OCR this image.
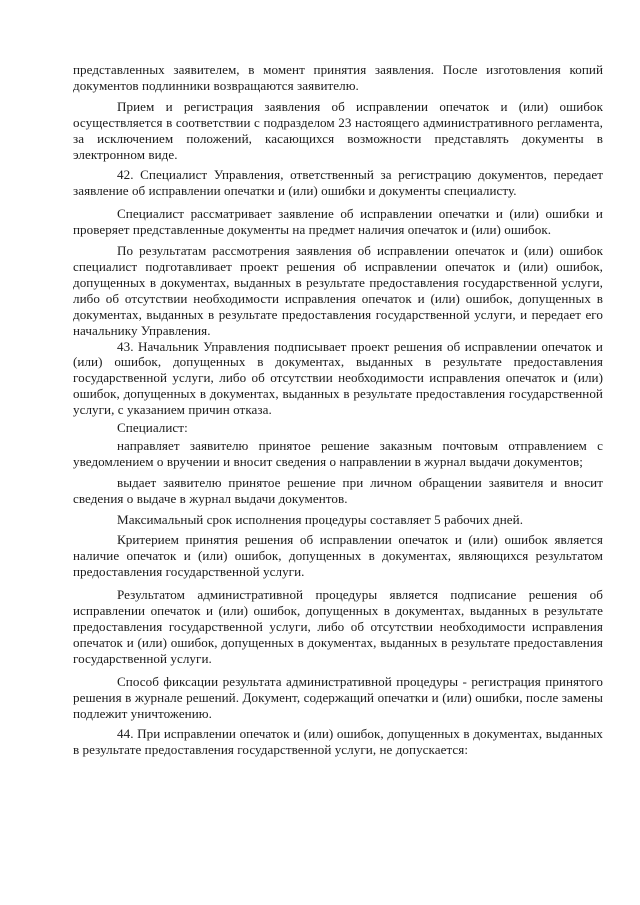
представленных заявителем, в момент принятия заявления. После изготовления копий документов подлинники возвращаются заявителю.

Прием и регистрация заявления об исправлении опечаток и (или) ошибок осуществляется в соответствии с подразделом 23 настоящего административного регламента, за исключением положений, касающихся возможности представлять документы в электронном виде.

42. Специалист Управления, ответственный за регистрацию документов, передает заявление об исправлении опечатки и (или) ошибки и документы специалисту.

Специалист рассматривает заявление об исправлении опечатки и (или) ошибки и проверяет представленные документы на предмет наличия опечаток и (или) ошибок.

По результатам рассмотрения заявления об исправлении опечаток и (или) ошибок специалист подготавливает проект решения об исправлении опечаток и (или) ошибок, допущенных в документах, выданных в результате предоставления государственной услуги, либо об отсутствии необходимости исправления опечаток и (или) ошибок, допущенных в документах, выданных в результате предоставления государственной услуги, и передает его начальнику Управления.

43. Начальник Управления подписывает проект решения об исправлении опечаток и (или) ошибок, допущенных в документах, выданных в результате предоставления государственной услуги, либо об отсутствии необходимости исправления опечаток и (или) ошибок, допущенных в документах, выданных в результате предоставления государственной услуги, с указанием причин отказа.

Специалист:

направляет заявителю принятое решение заказным почтовым отправлением с уведомлением о вручении и вносит сведения о направлении в журнал выдачи документов;

выдает заявителю принятое решение при личном обращении заявителя и вносит сведения о выдаче в журнал выдачи документов.

Максимальный срок исполнения процедуры составляет 5 рабочих дней.

Критерием принятия решения об исправлении опечаток и (или) ошибок является наличие опечаток и (или) ошибок, допущенных в документах, являющихся результатом предоставления государственной услуги.

Результатом административной процедуры является подписание решения об исправлении опечаток и (или) ошибок, допущенных в документах, выданных в результате предоставления государственной услуги, либо об отсутствии необходимости исправления опечаток и (или) ошибок, допущенных в документах, выданных в результате предоставления государственной услуги.

Способ фиксации результата административной процедуры - регистрация принятого решения в журнале решений. Документ, содержащий опечатки и (или) ошибки, после замены подлежит уничтожению.

44. При исправлении опечаток и (или) ошибок, допущенных в документах, выданных в результате предоставления государственной услуги, не допускается:
